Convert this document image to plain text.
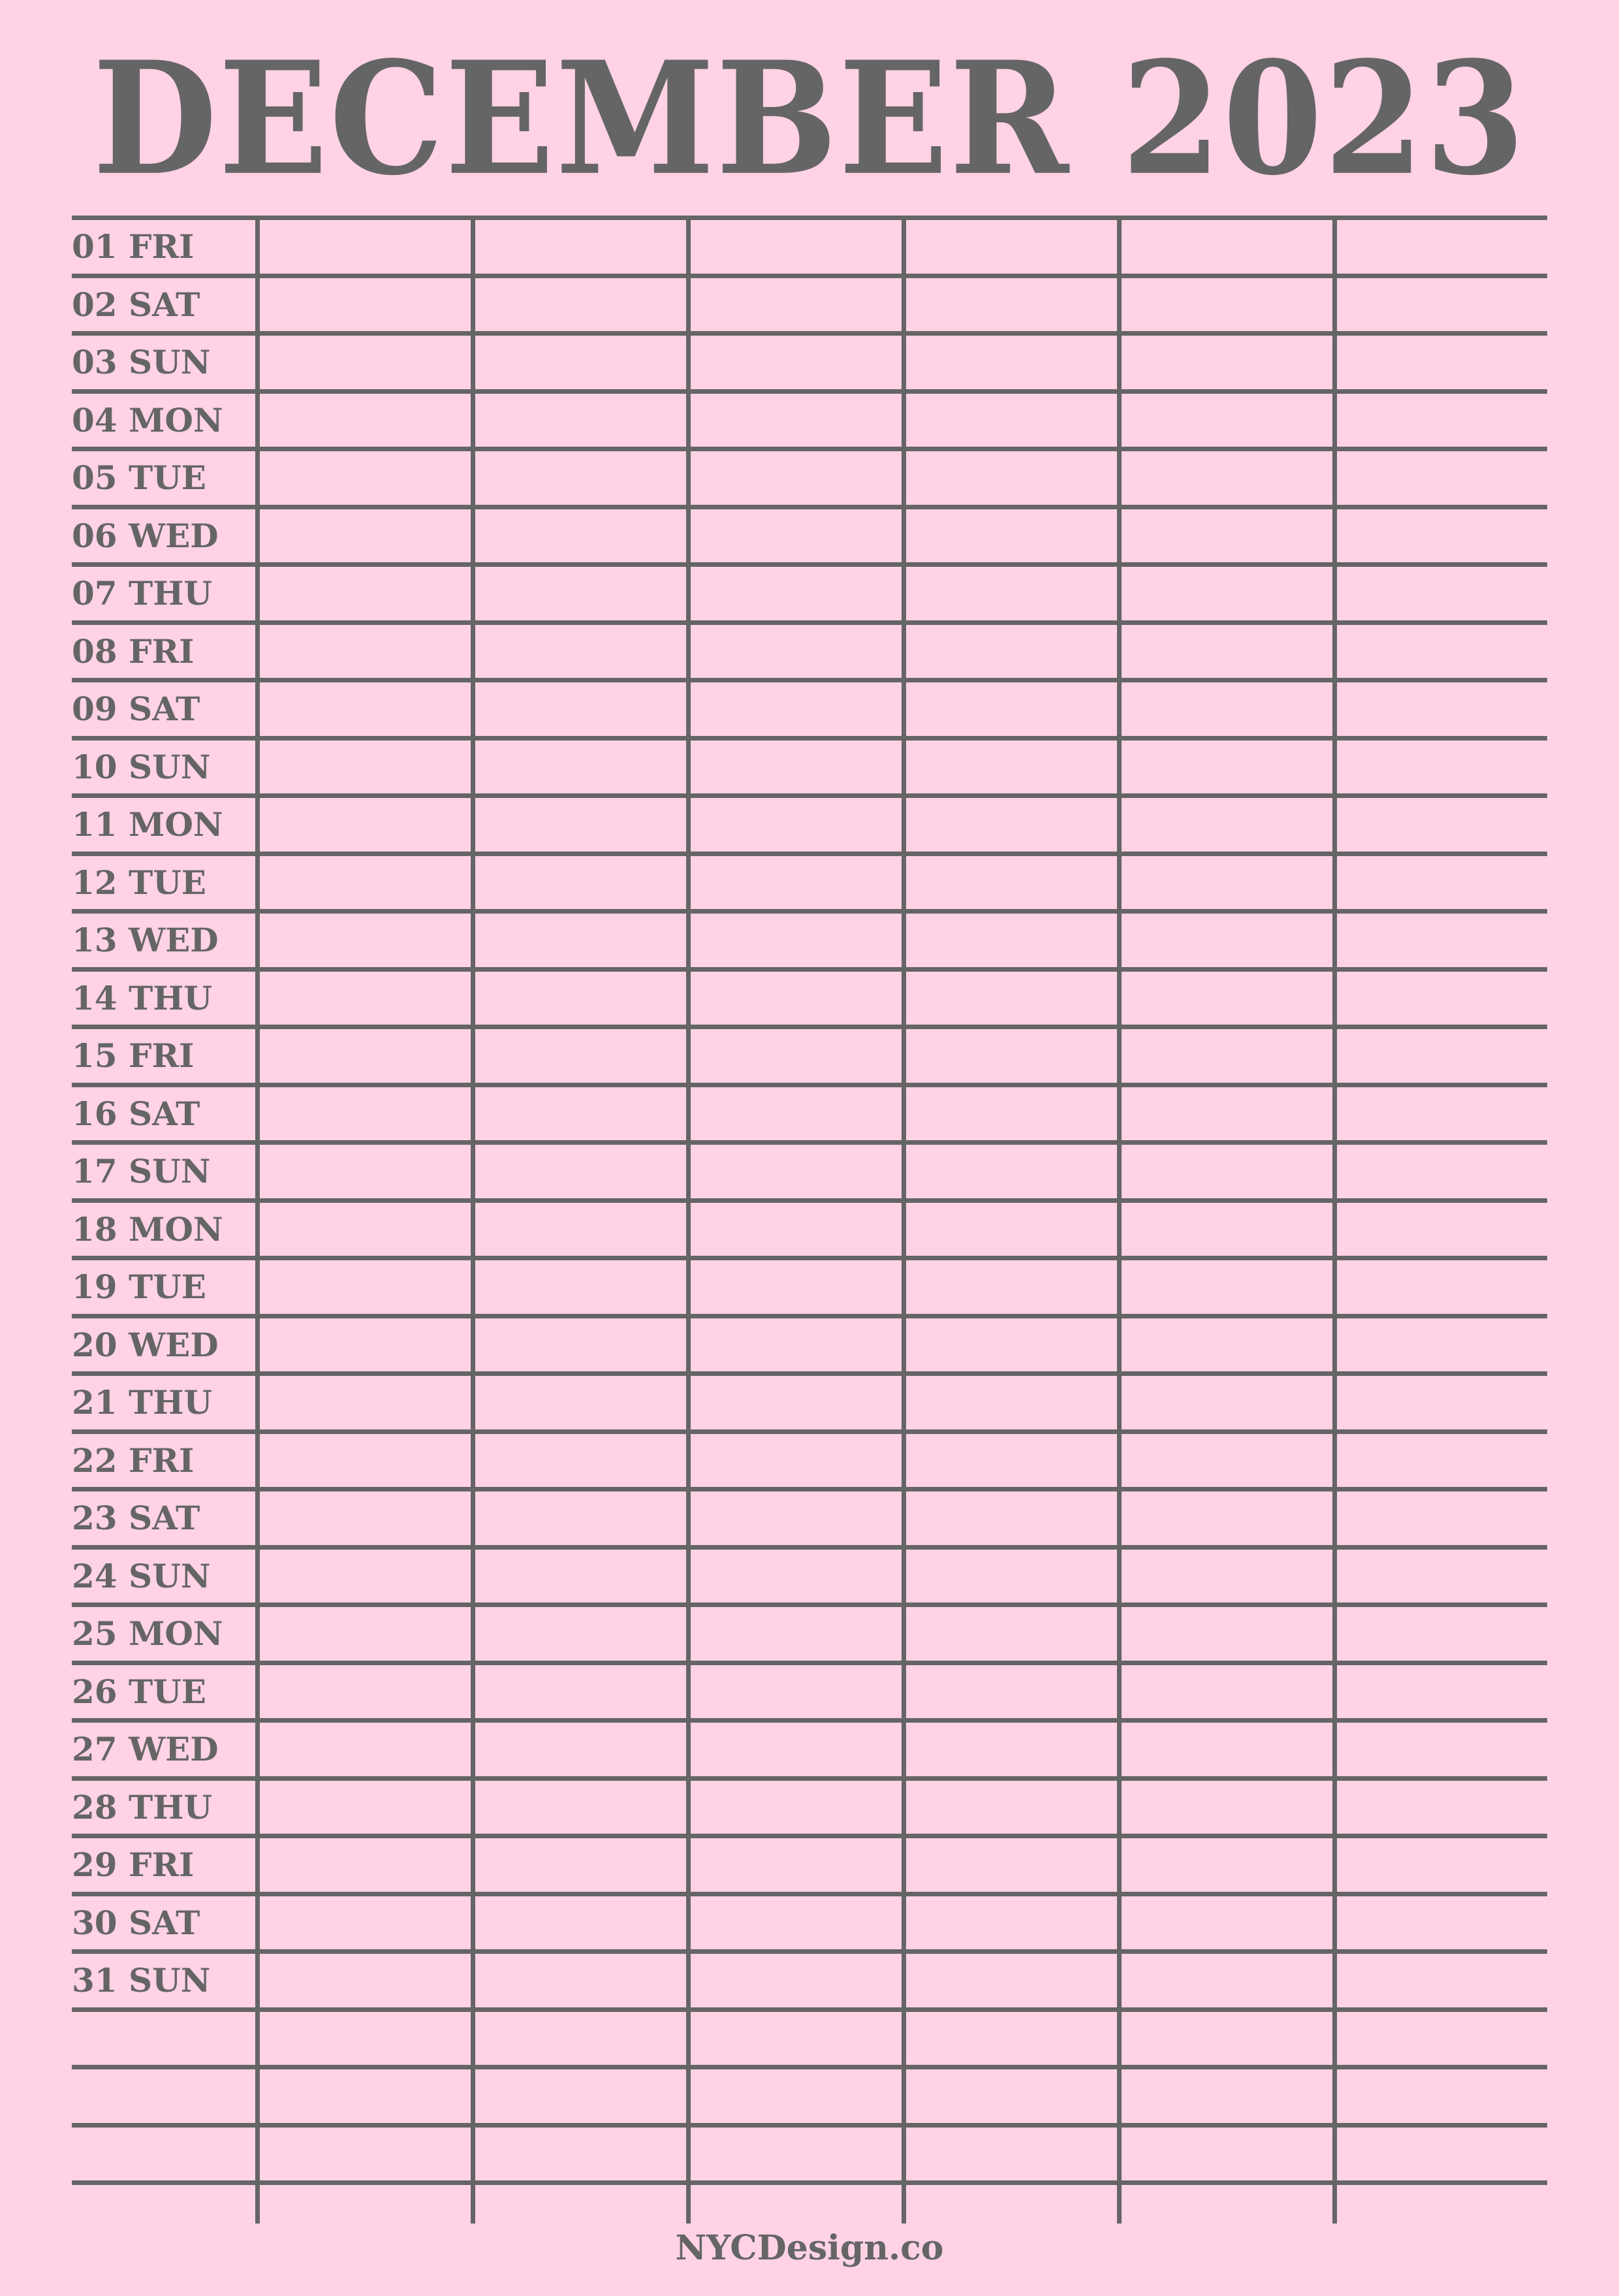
DECEMBER 2023
01 FRI
02 SAT
03 SUN
04 MON
05 TUE
06 WED
07 THU
08 FRI
09 SAT
10 SUN
11 MON
12 TUE
13 WED
14 THU
15 FRI
16 SAT
17 SUN
18 MON
19 TUE
20 WED
21 THU
22 FRI
23 SAT
24 SUN
25 MON
26 TUE
27 WED
28 THU
29 FRI
30 SAT
31 SUN
NYCDesign.co
